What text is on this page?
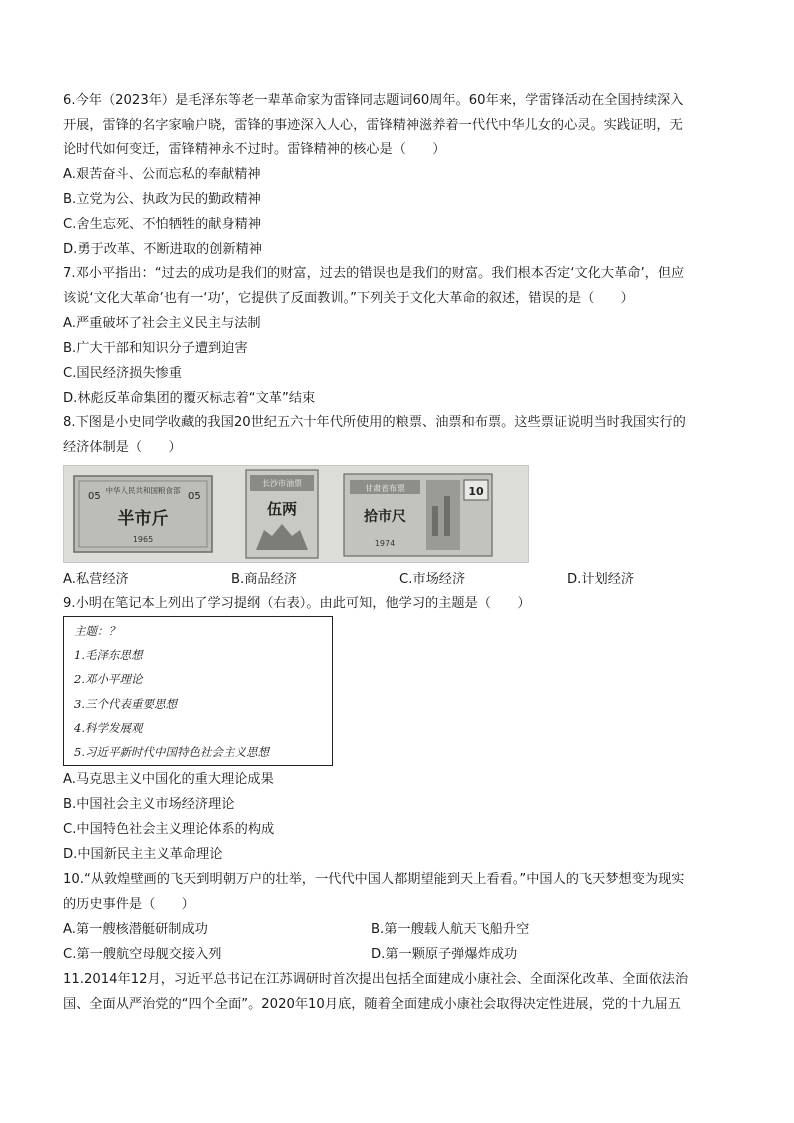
6.今年（2023年）是毛泽东等老一辈革命家为雷锋同志题词60周年。60年来，学雷锋活动在全国持续深入
开展，雷锋的名字家喻户晓，雷锋的事迹深入人心，雷锋精神滋养着一代代中华儿女的心灵。实践证明，无
论时代如何变迁，雷锋精神永不过时。雷锋精神的核心是（　　）
A.艰苦奋斗、公而忘私的奉献精神
B.立党为公、执政为民的勤政精神
C.舍生忘死、不怕牺牲的献身精神
D.勇于改革、不断进取的创新精神
7.邓小平指出：“过去的成功是我们的财富，过去的错误也是我们的财富。我们根本否定‘文化大革命’，但应
该说‘文化大革命’也有一‘功’，它提供了反面教训。”下列关于文化大革命的叙述，错误的是（　　）
A.严重破坏了社会主义民主与法制
B.广大干部和知识分子遭到迫害
C.国民经济损失惨重
D.林彪反革命集团的覆灭标志着“文革”结束
8.下图是小史同学收藏的我国20世纪五六十年代所使用的粮票、油票和布票。这些票证说明当时我国实行的
经济体制是（　　）
中华人民共和国粮食部
05	05
半市斤
1965
长沙市油票
伍两
甘肃省布票
拾市尺
1974
10
A.私营经济	B.商品经济	C.市场经济	D.计划经济
9.小明在笔记本上列出了学习提纲（右表）。由此可知，他学习的主题是（　　）
主题：？
1.毛泽东思想
2.邓小平理论
3.三个代表重要思想
4.科学发展观
5.习近平新时代中国特色社会主义思想
A.马克思主义中国化的重大理论成果
B.中国社会主义市场经济理论
C.中国特色社会主义理论体系的构成
D.中国新民主主义革命理论
10.“从敦煌壁画的飞天到明朝万户的壮举，一代代中国人都期望能到天上看看。”中国人的飞天梦想变为现实
的历史事件是（　　）
A.第一艘核潜艇研制成功	B.第一艘载人航天飞船升空
C.第一艘航空母舰交接入列	D.第一颗原子弹爆炸成功
11.2014年12月，习近平总书记在江苏调研时首次提出包括全面建成小康社会、全面深化改革、全面依法治
国、全面从严治党的“四个全面”。2020年10月底，随着全面建成小康社会取得决定性进展，党的十九届五
